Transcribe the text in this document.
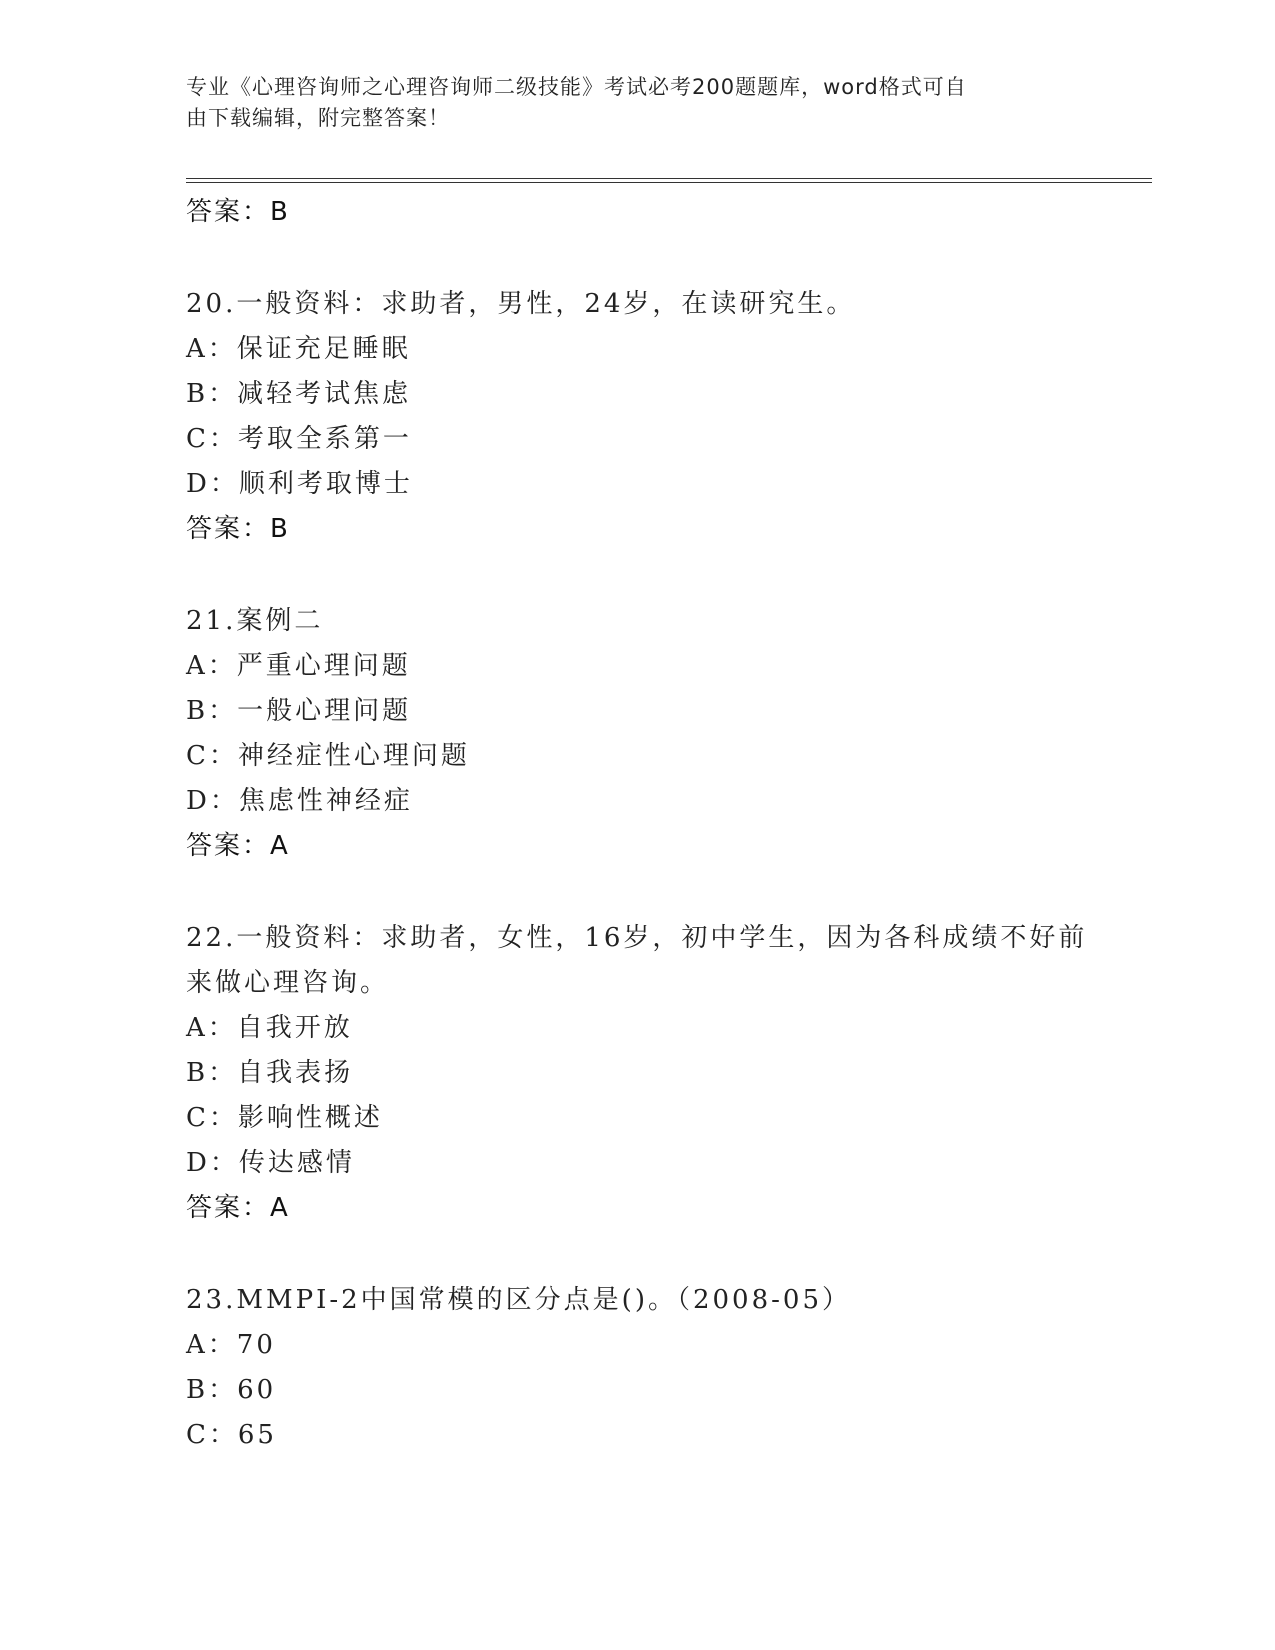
专业《心理咨询师之心理咨询师二级技能》考试必考200题题库，word格式可自
由下载编辑，附完整答案！
答案：B
20.一般资料：求助者，男性，24岁，在读研究生。
A：保证充足睡眠
B：减轻考试焦虑
C：考取全系第一
D：顺利考取博士
答案：B
21.案例二
A：严重心理问题
B：一般心理问题
C：神经症性心理问题
D：焦虑性神经症
答案：A
22.一般资料：求助者，女性，16岁，初中学生，因为各科成绩不好前
来做心理咨询。
A：自我开放
B：自我表扬
C：影响性概述
D：传达感情
答案：A
23.MMPI-2中国常模的区分点是()。（2008-05）
A：70
B：60
C：65
